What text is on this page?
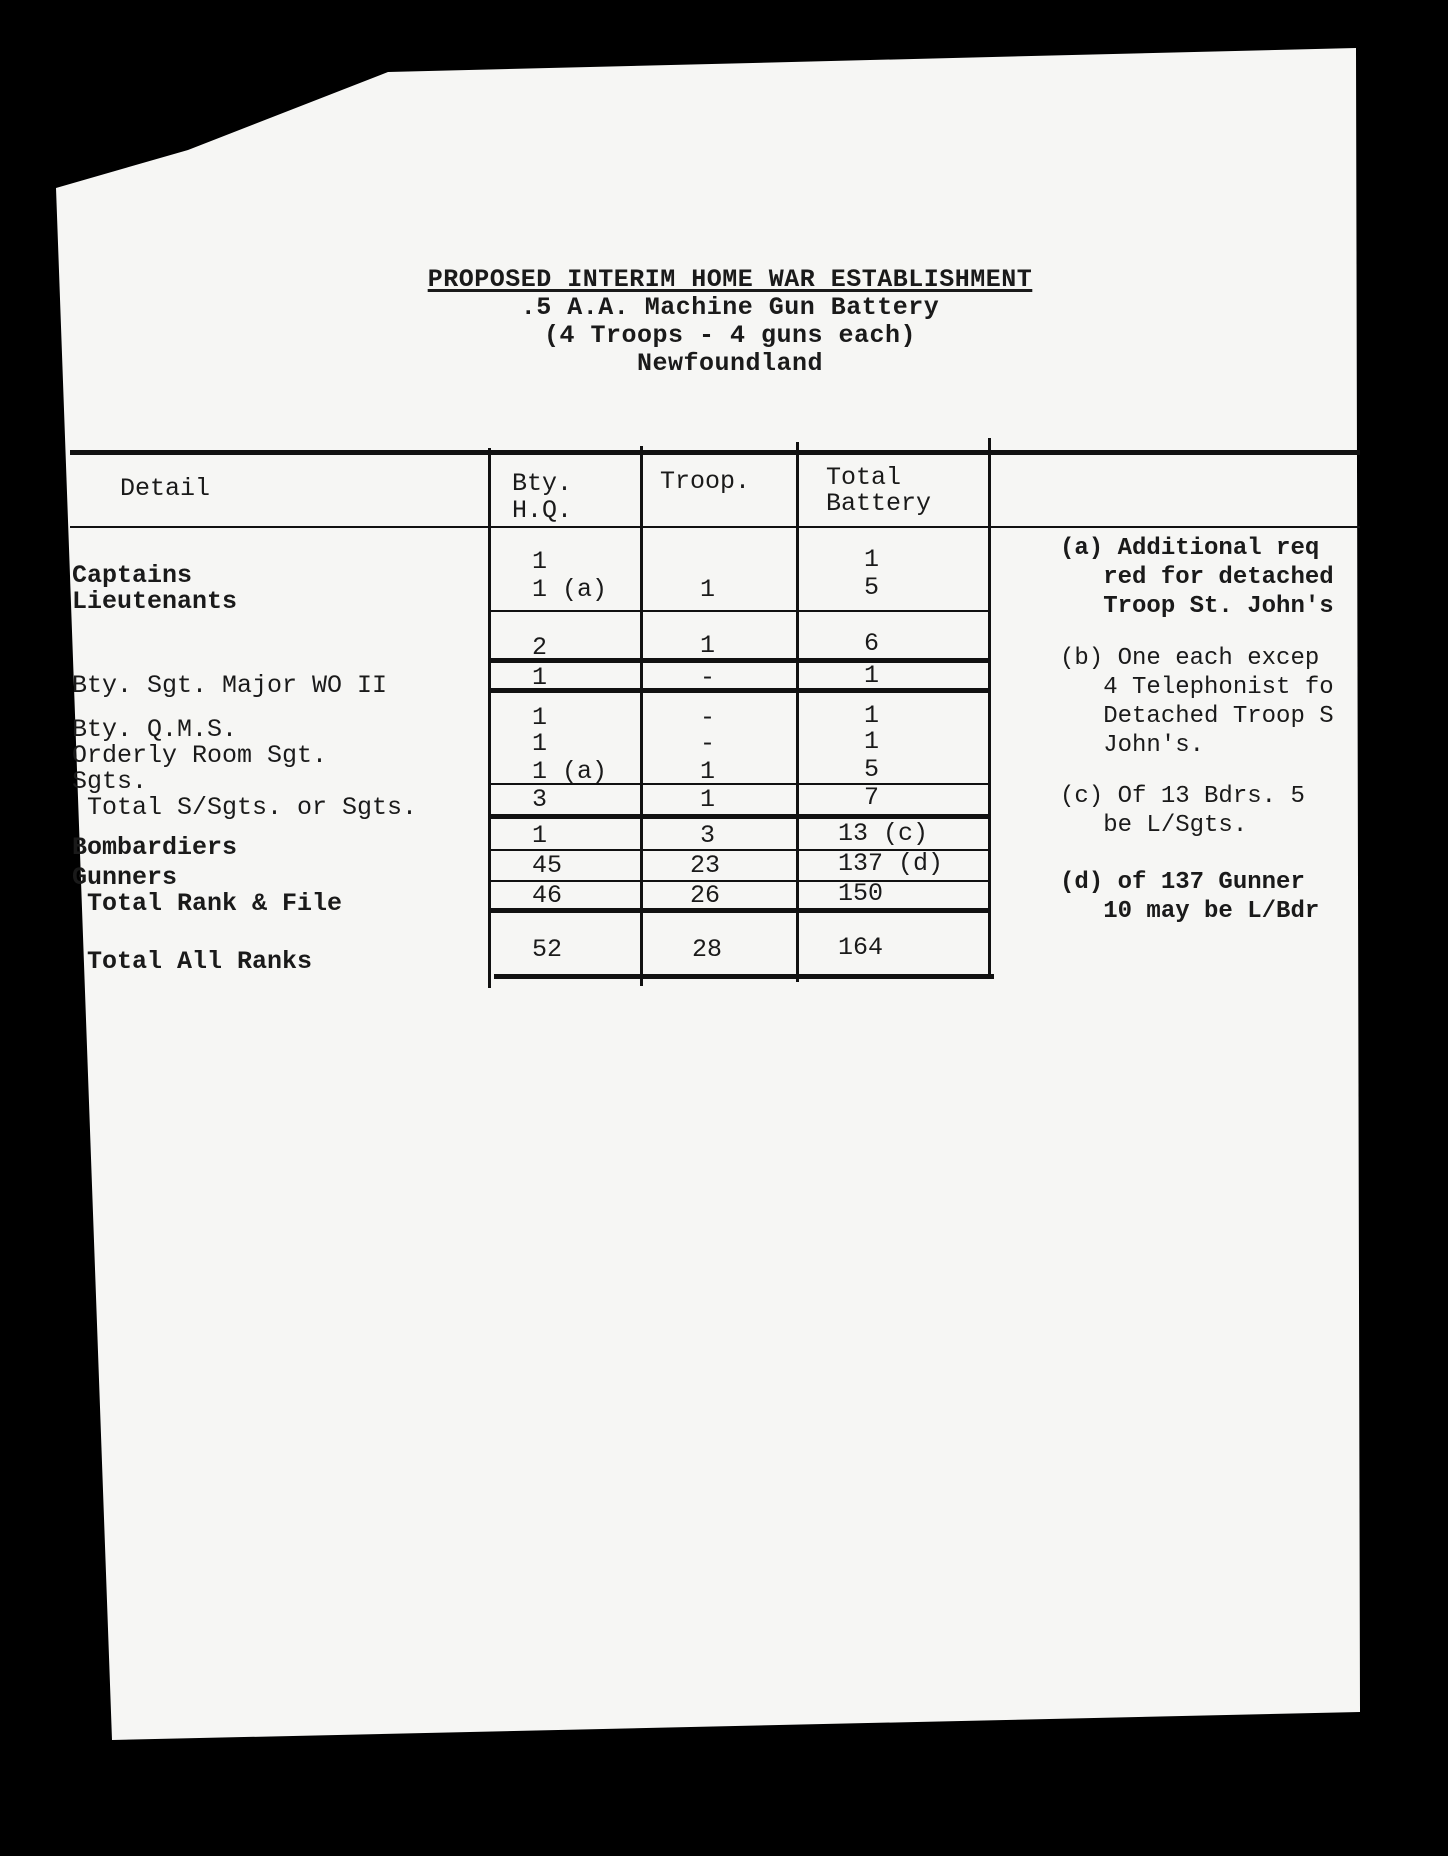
PROPOSED INTERIM HOME WAR ESTABLISHMENT
.5 A.A. Machine Gun Battery
(4 Troops - 4 guns each)
Newfoundland
Detail	Bty.
H.Q.
Troop.	Total
Battery
Captains
Lieutenants
Bty. Sgt. Major WO II
Bty. Q.M.S.
Orderly Room Sgt.
Sgts.
Total S/Sgts. or Sgts.
Bombardiers
Gunners
Total Rank & File
Total All Ranks
1
1 (a)
2
1
1
1
1 (a)
3
1
45
46
52
1
1
-
-
-
1
1
3
23
26
28
1
5
6
1
1
1
5
7
13 (c)
137 (d)
150
164
(a) Additional req
red for detached
Troop St. John's
(b) One each excep
4 Telephonist fo
Detached Troop S
John's.
(c) Of 13 Bdrs. 5
be L/Sgts.
(d) of 137 Gunner
10 may be L/Bdr
